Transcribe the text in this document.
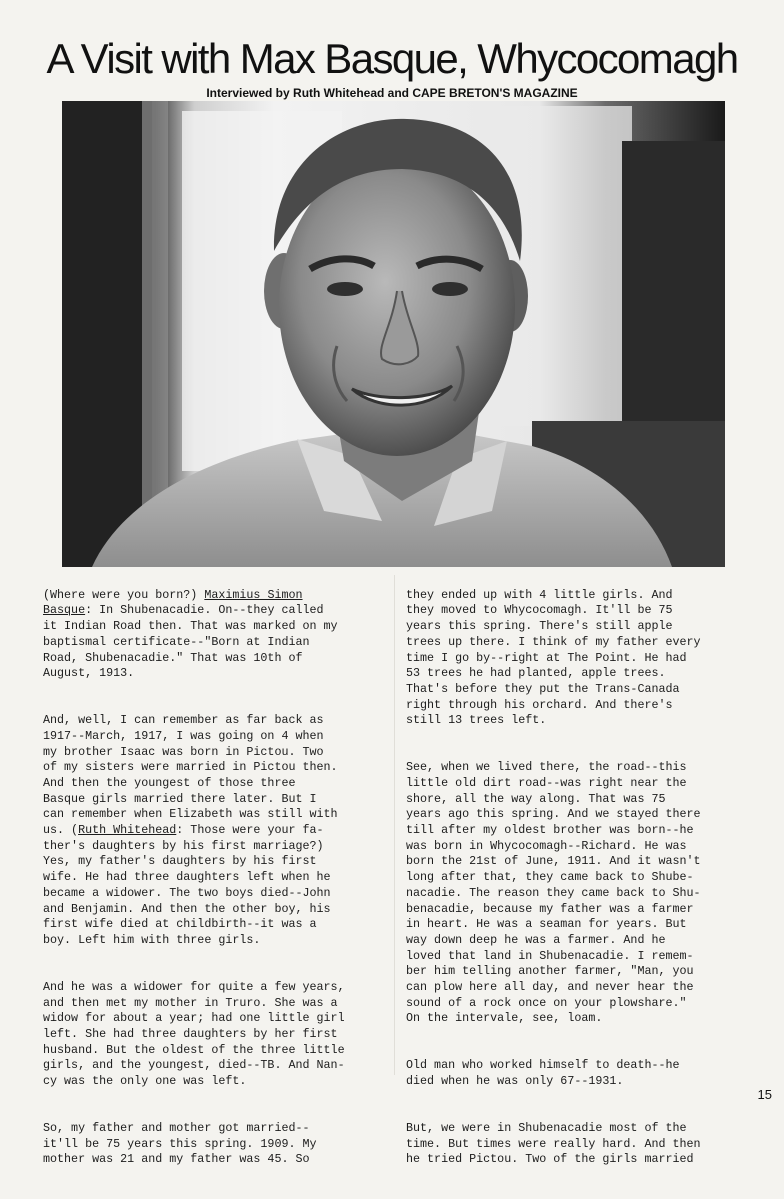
A Visit with Max Basque, Whycocomagh
Interviewed by Ruth Whitehead and CAPE BRETON'S MAGAZINE

(Where were you born?) Maximius Simon
Basque: In Shubenacadie. On--they called
it Indian Road then. That was marked on my
baptismal certificate--"Born at Indian
Road, Shubenacadie." That was 10th of
August, 1913.

And, well, I can remember as far back as
1917--March, 1917, I was going on 4 when
my brother Isaac was born in Pictou. Two
of my sisters were married in Pictou then.
And then the youngest of those three
Basque girls married there later. But I
can remember when Elizabeth was still with
us. (Ruth Whitehead: Those were your fa-
ther's daughters by his first marriage?)
Yes, my father's daughters by his first
wife. He had three daughters left when he
became a widower. The two boys died--John
and Benjamin. And then the other boy, his
first wife died at childbirth--it was a
boy. Left him with three girls.

And he was a widower for quite a few years,
and then met my mother in Truro. She was a
widow for about a year; had one little girl
left. She had three daughters by her first
husband. But the oldest of the three little
girls, and the youngest, died--TB. And Nan-
cy was the only one was left.

So, my father and mother got married--
it'll be 75 years this spring. 1909. My
mother was 21 and my father was 45. So

they ended up with 4 little girls. And
they moved to Whycocomagh. It'll be 75
years this spring. There's still apple
trees up there. I think of my father every
time I go by--right at The Point. He had
53 trees he had planted, apple trees.
That's before they put the Trans-Canada
right through his orchard. And there's
still 13 trees left.

See, when we lived there, the road--this
little old dirt road--was right near the
shore, all the way along. That was 75
years ago this spring. And we stayed there
till after my oldest brother was born--he
was born in Whycocomagh--Richard. He was
born the 21st of June, 1911. And it wasn't
long after that, they came back to Shube-
nacadie. The reason they came back to Shu-
benacadie, because my father was a farmer
in heart. He was a seaman for years. But
way down deep he was a farmer. And he
loved that land in Shubenacadie. I remem-
ber him telling another farmer, "Man, you
can plow here all day, and never hear the
sound of a rock once on your plowshare."
On the intervale, see, loam.

Old man who worked himself to death--he
died when he was only 67--1931.

But, we were in Shubenacadie most of the
time. But times were really hard. And then
he tried Pictou. Two of the girls married

15
